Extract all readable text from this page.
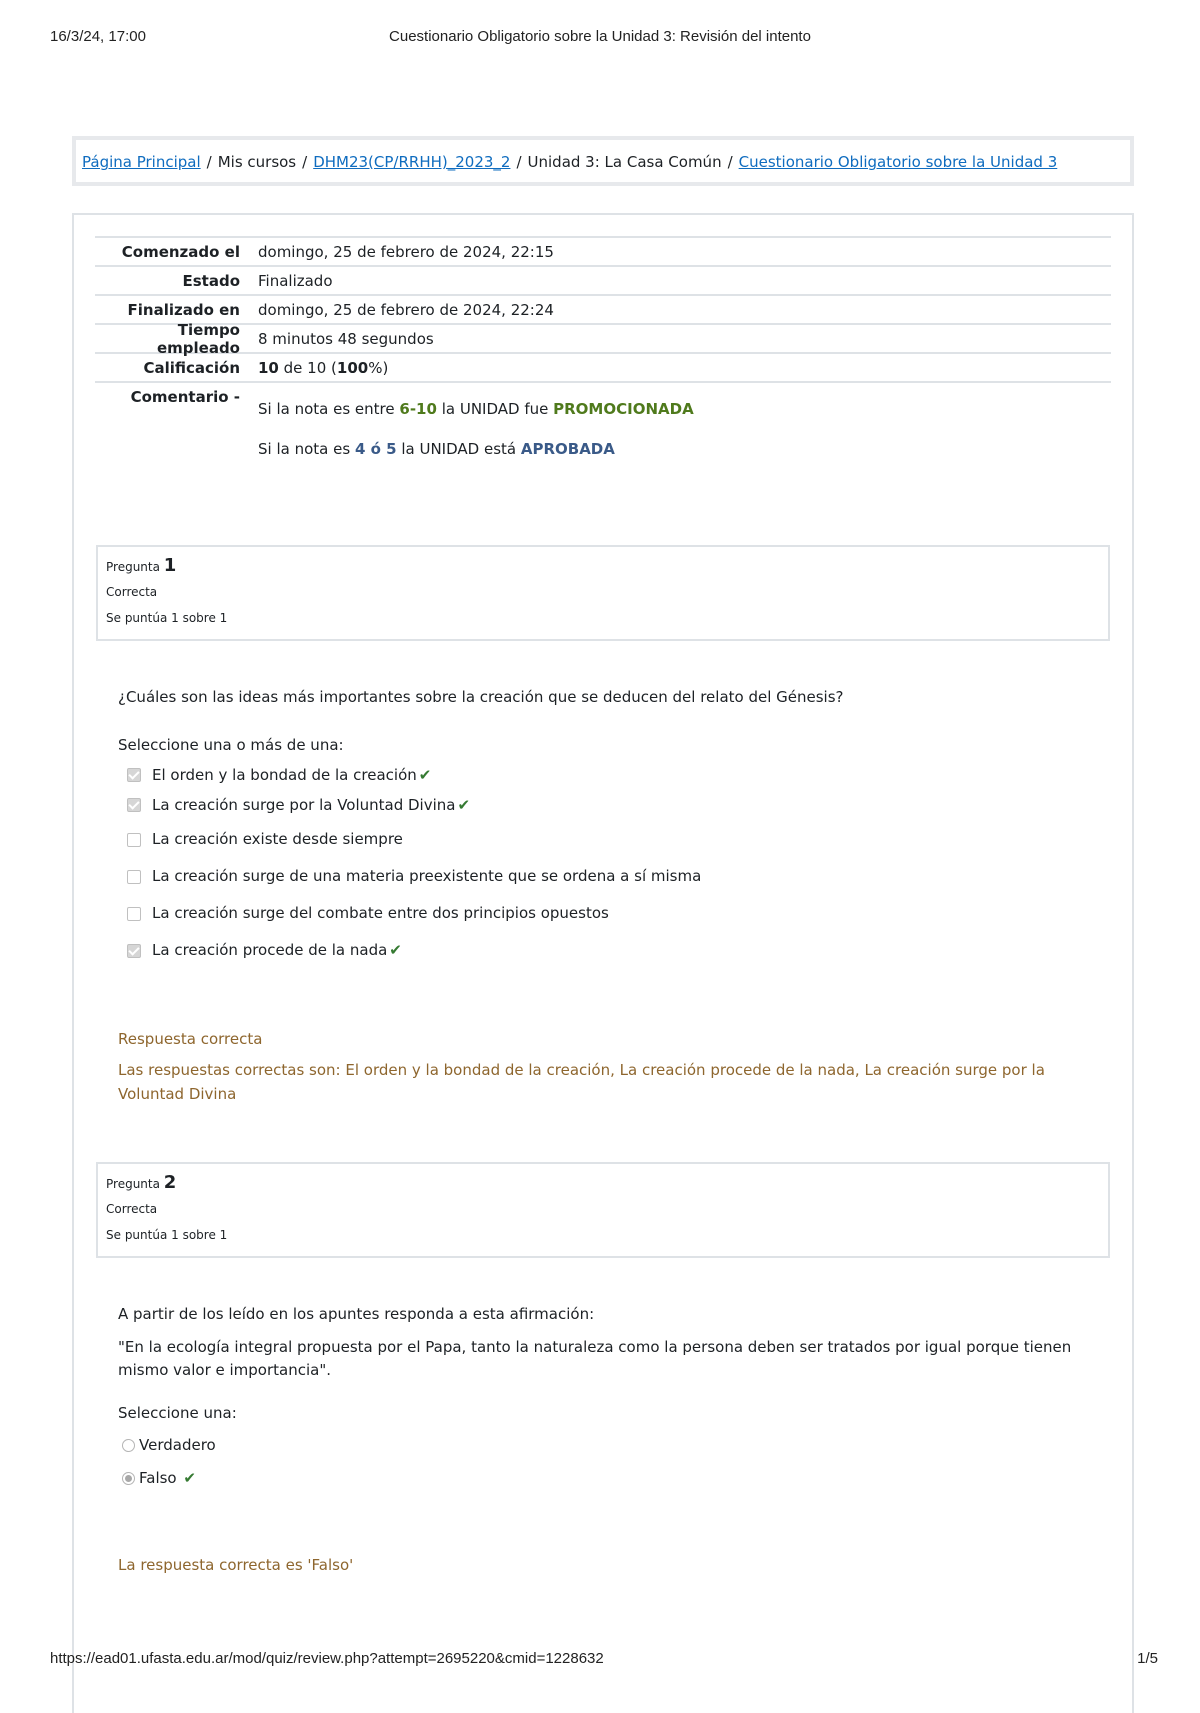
16/3/24, 17:00	Cuestionario Obligatorio sobre la Unidad 3: Revisión del intento
Página Principal / Mis cursos / DHM23(CP/RRHH)_2023_2 / Unidad 3: La Casa Común / Cuestionario Obligatorio sobre la Unidad 3
Comenzado el	domingo, 25 de febrero de 2024, 22:15
Estado	Finalizado
Finalizado en	domingo, 25 de febrero de 2024, 22:24
Tiempo empleado	8 minutos 48 segundos
Calificación	10 de 10 (100%)
Comentario -

Si la nota es entre 6-10 la UNIDAD fue PROMOCIONADA

Si la nota es 4 ó 5 la UNIDAD está APROBADA

Pregunta 1
Correcta
Se puntúa 1 sobre 1
¿Cuáles son las ideas más importantes sobre la creación que se deducen del relato del Génesis?
Seleccione una o más de una:
El orden y la bondad de la creación ✔
La creación surge por la Voluntad Divina ✔
La creación existe desde siempre
La creación surge de una materia preexistente que se ordena a sí misma
La creación surge del combate entre dos principios opuestos
La creación procede de la nada ✔
Respuesta correcta
Las respuestas correctas son: El orden y la bondad de la creación, La creación procede de la nada, La creación surge por la Voluntad Divina
Pregunta 2
Correcta
Se puntúa 1 sobre 1
A partir de los leído en los apuntes responda a esta afirmación:
"En la ecología integral propuesta por el Papa, tanto la naturaleza como la persona deben ser tratados por igual porque tienen mismo valor e importancia".
Seleccione una:
Verdadero
Falso
✔
La respuesta correcta es 'Falso'
https://ead01.ufasta.edu.ar/mod/quiz/review.php?attempt=2695220&cmid=1228632	1/5
